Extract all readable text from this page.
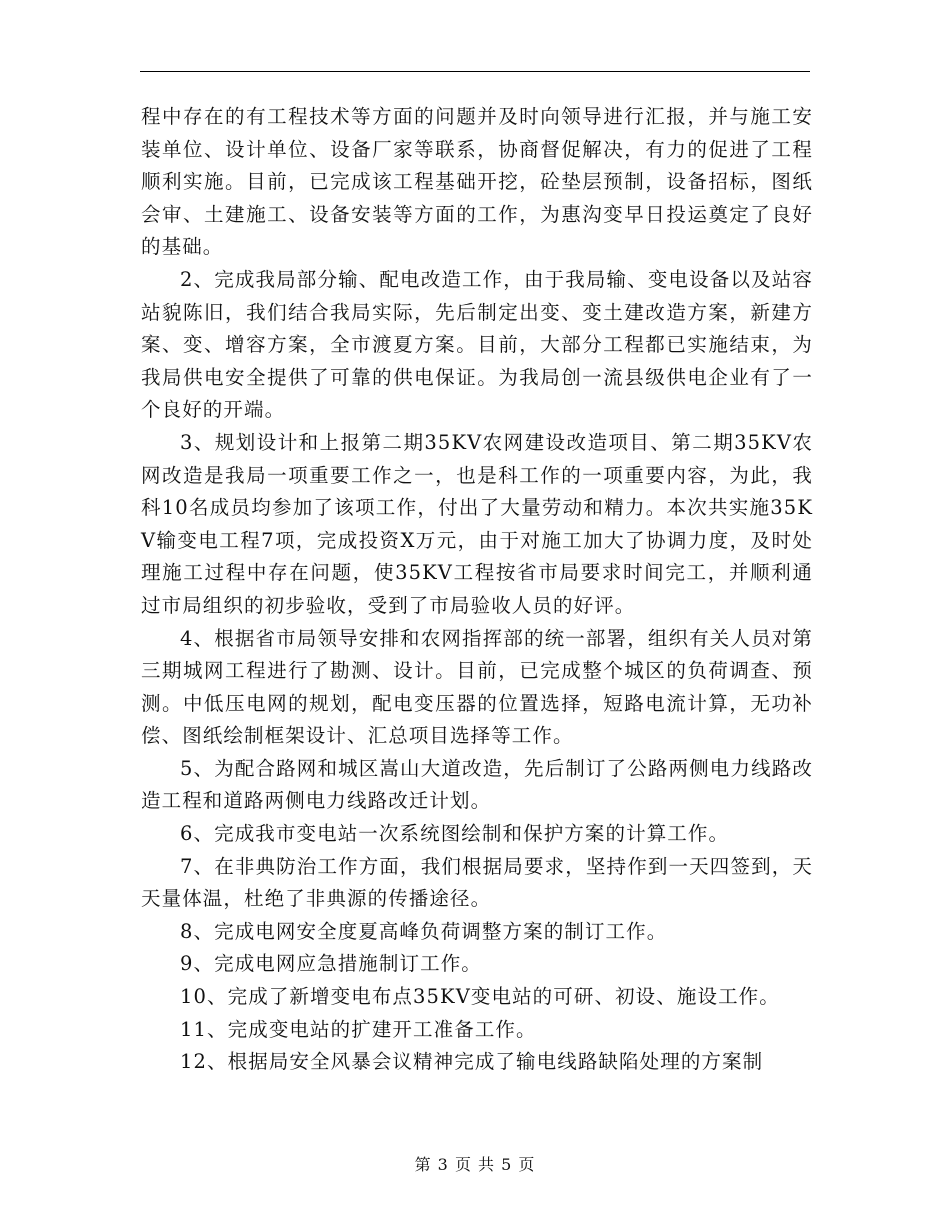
程中存在的有工程技术等方面的问题并及时向领导进行汇报，并与施工安装单位、设计单位、设备厂家等联系，协商督促解决，有力的促进了工程顺利实施。目前，已完成该工程基础开挖，砼垫层预制，设备招标，图纸会审、土建施工、设备安装等方面的工作，为惠沟变早日投运奠定了良好的基础。

2、完成我局部分输、配电改造工作，由于我局输、变电设备以及站容站貌陈旧，我们结合我局实际，先后制定出变、变土建改造方案，新建方案、变、增容方案，全市渡夏方案。目前，大部分工程都已实施结束，为我局供电安全提供了可靠的供电保证。为我局创一流县级供电企业有了一个良好的开端。

3、规划设计和上报第二期35KV农网建设改造项目、第二期35KV农网改造是我局一项重要工作之一，也是科工作的一项重要内容，为此，我科10名成员均参加了该项工作，付出了大量劳动和精力。本次共实施35KV输变电工程7项，完成投资X万元，由于对施工加大了协调力度，及时处理施工过程中存在问题，使35KV工程按省市局要求时间完工，并顺利通过市局组织的初步验收，受到了市局验收人员的好评。

4、根据省市局领导安排和农网指挥部的统一部署，组织有关人员对第三期城网工程进行了勘测、设计。目前，已完成整个城区的负荷调查、预测。中低压电网的规划，配电变压器的位置选择，短路电流计算，无功补偿、图纸绘制框架设计、汇总项目选择等工作。

5、为配合路网和城区嵩山大道改造，先后制订了公路两侧电力线路改造工程和道路两侧电力线路改迁计划。

6、完成我市变电站一次系统图绘制和保护方案的计算工作。

7、在非典防治工作方面，我们根据局要求，坚持作到一天四签到，天天量体温，杜绝了非典源的传播途径。

8、完成电网安全度夏高峰负荷调整方案的制订工作。

9、完成电网应急措施制订工作。

10、完成了新增变电布点35KV变电站的可研、初设、施设工作。

11、完成变电站的扩建开工准备工作。

12、根据局安全风暴会议精神完成了输电线路缺陷处理的方案制

第 3 页 共 5 页
